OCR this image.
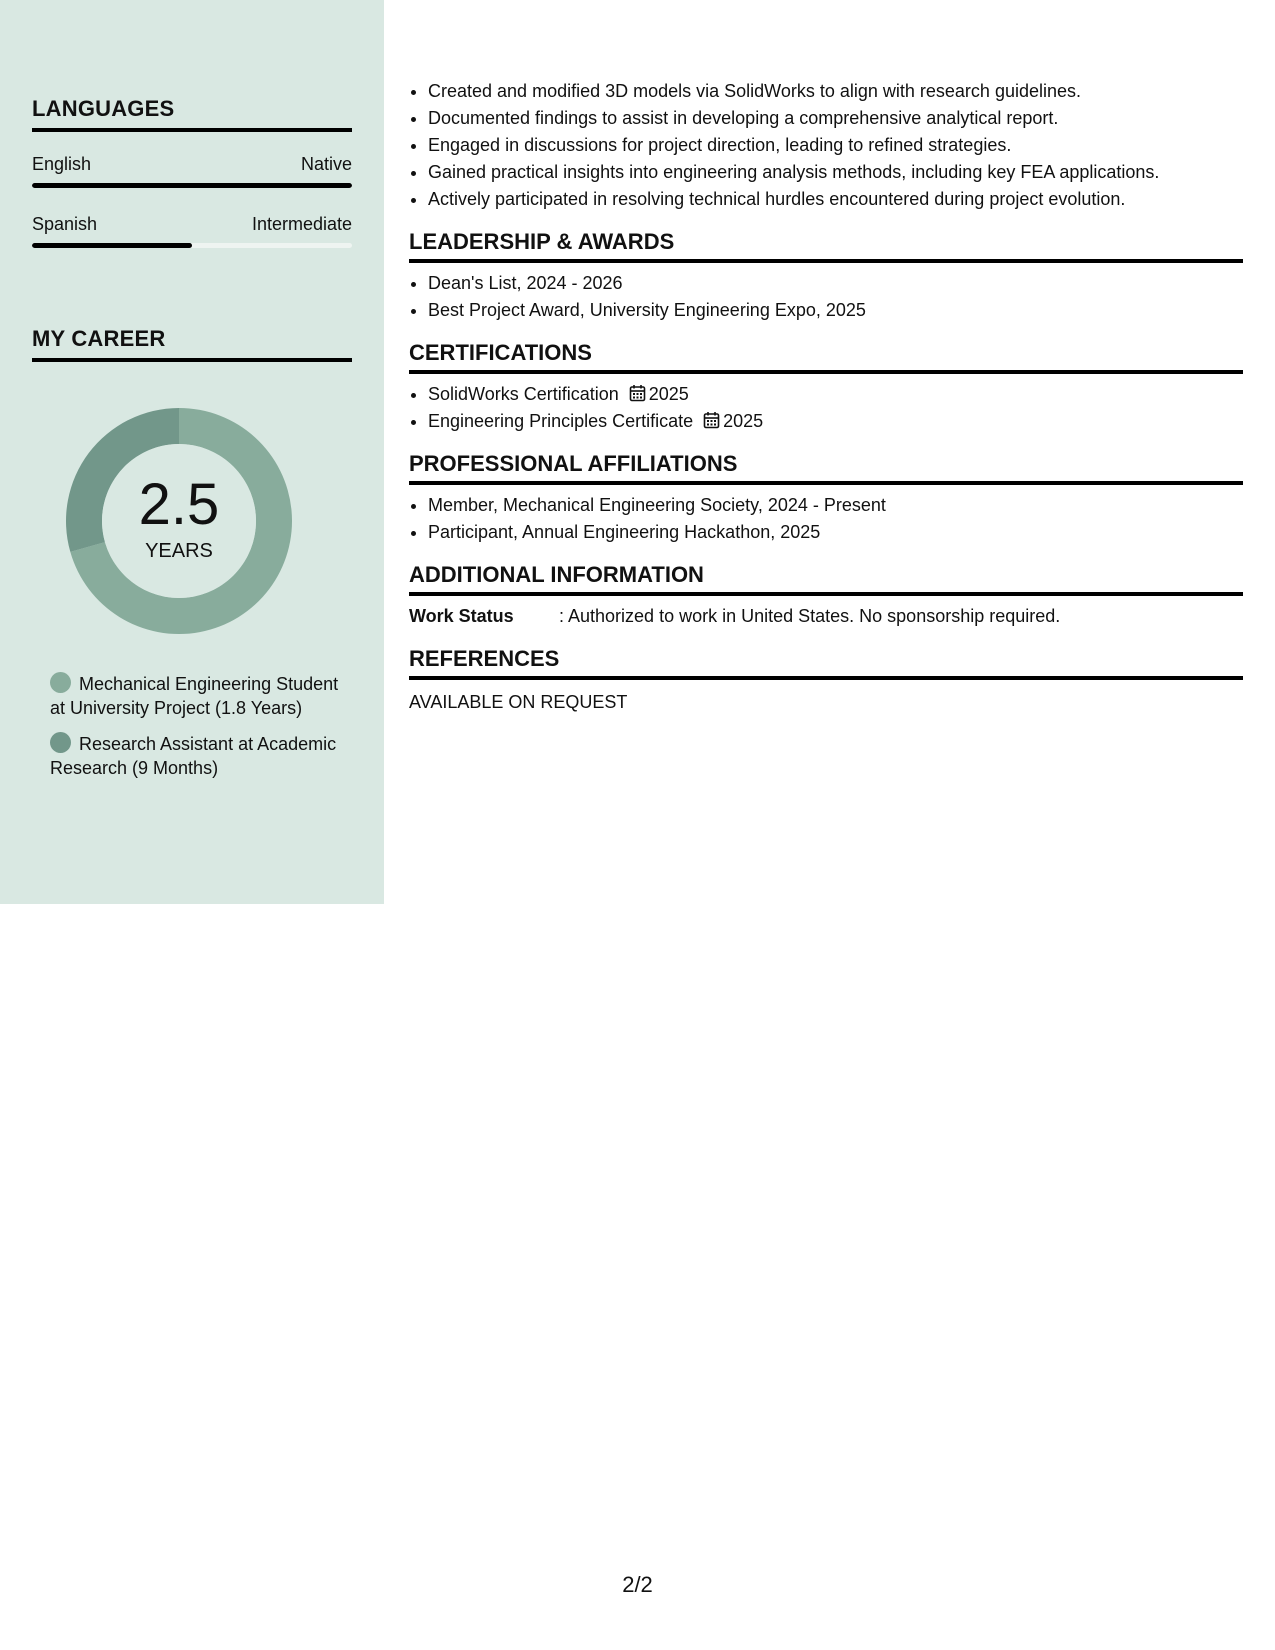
LANGUAGES
English	Native
Spanish	Intermediate
MY CAREER
2.5
YEARS
Mechanical Engineering Student at University Project (1.8 Years)
Research Assistant at Academic Research (9 Months)
• Created and modified 3D models via SolidWorks to align with research guidelines.
• Documented findings to assist in developing a comprehensive analytical report.
• Engaged in discussions for project direction, leading to refined strategies.
• Gained practical insights into engineering analysis methods, including key FEA applications.
• Actively participated in resolving technical hurdles encountered during project evolution.
LEADERSHIP & AWARDS
• Dean's List, 2024 - 2026
• Best Project Award, University Engineering Expo, 2025
CERTIFICATIONS
• SolidWorks Certification 2025
• Engineering Principles Certificate 2025
PROFESSIONAL AFFILIATIONS
• Member, Mechanical Engineering Society, 2024 - Present
• Participant, Annual Engineering Hackathon, 2025
ADDITIONAL INFORMATION
Work Status	: Authorized to work in United States. No sponsorship required.
REFERENCES
AVAILABLE ON REQUEST
2/2
